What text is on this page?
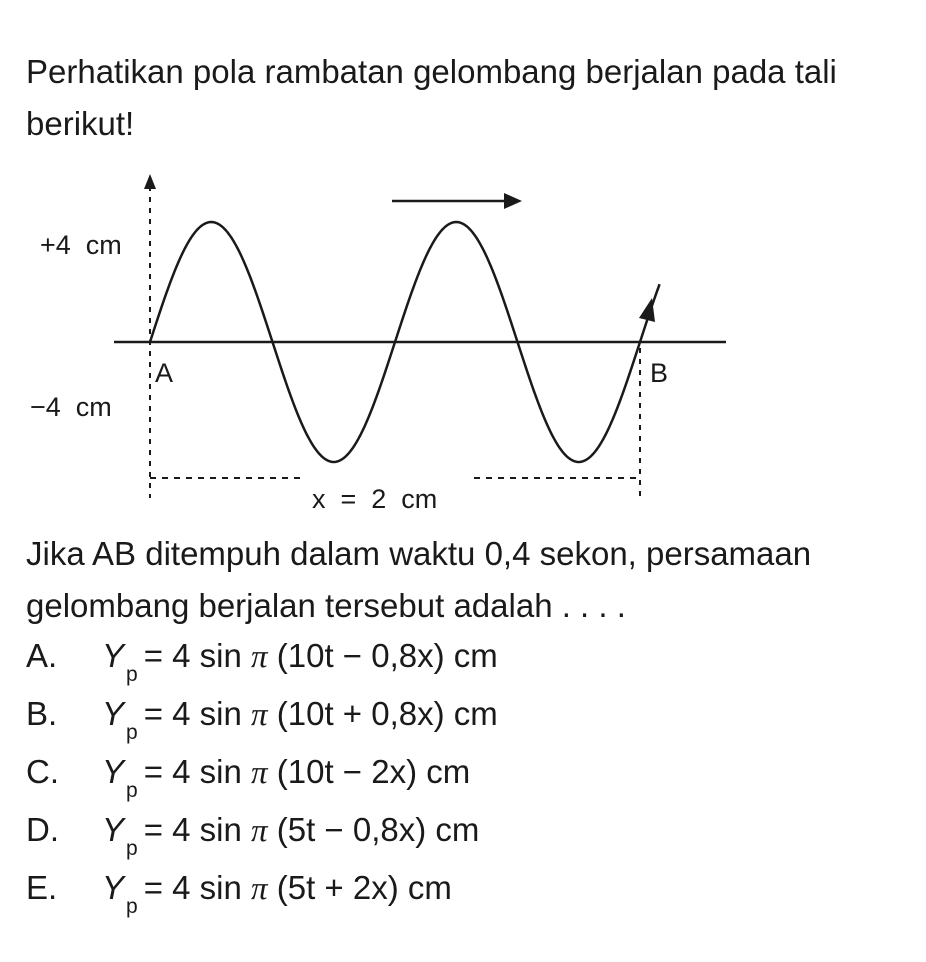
Perhatikan pola rambatan gelombang berjalan pada tali berikut!

+4  cm
−4  cm
A	B
x  =  2  cm

Jika AB ditempuh dalam waktu 0,4 sekon, persamaan gelombang berjalan tersebut adalah . . . .

A. $Y_p= 4$ sin π (10t − 0,8x) cm
B. $Y_p= 4$ sin π (10t + 0,8x) cm
C. $Y_p= 4$ sin π (10t − 2x) cm
D. $Y_p= 4$ sin π (5t − 0,8x) cm
E. $Y_p= 4$ sin π (5t + 2x) cm
